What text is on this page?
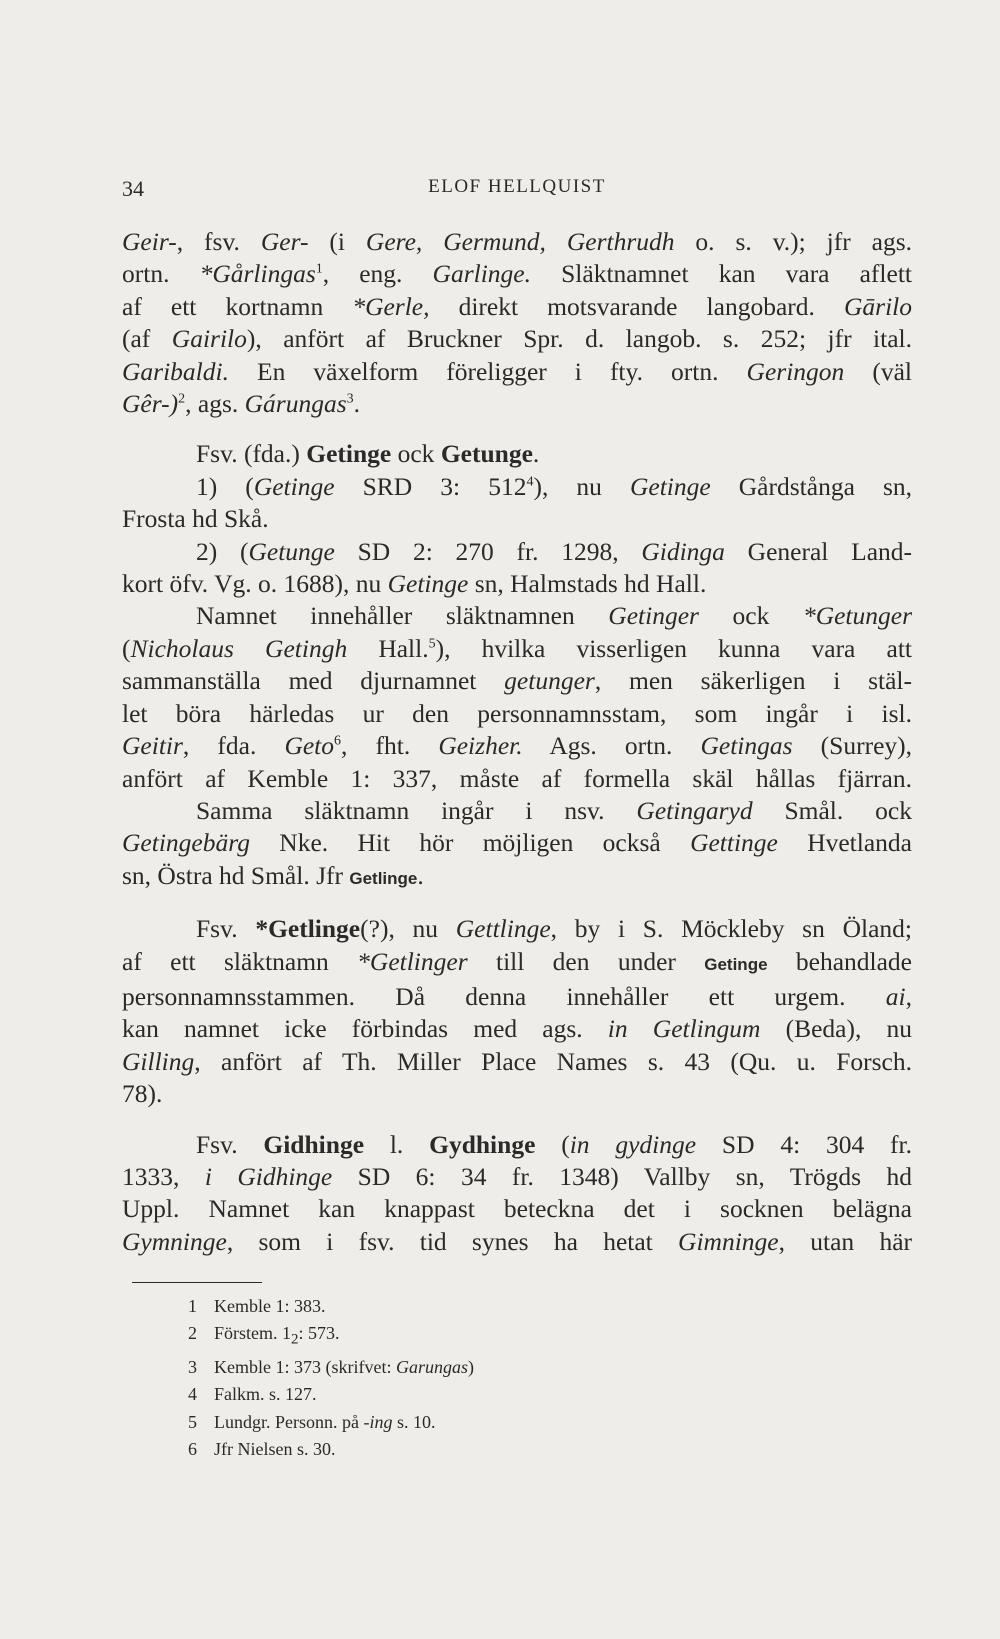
34	ELOF HELLQUIST
Geir-, fsv. Ger- (i Gere, Germund, Gerthrudh o. s. v.); jfr ags.
ortn. *Gårlingas$^1$, eng. Garlinge. Släktnamnet kan vara aflett
af ett kortnamn *Gerle, direkt motsvarande langobard. Gārilo
(af Gairilo), anfört af Bruckner Spr. d. langob. s. 252; jfr ital.
Garibaldi. En växelform föreligger i fty. ortn. Geringon (väl
Gêr-)$^2$, ags. Gárungas$^3$.
Fsv. (fda.) Getinge ock Getunge.
1) (Getinge SRD 3: $512^4$), nu Getinge Gårdstånga sn,
Frosta hd Skå.
2) (Getunge SD 2: 270 fr. 1298, Gidinga General Land-
kort öfv. Vg. o. 1688), nu Getinge sn, Halmstads hd Hall.
Namnet innehåller släktnamnen Getinger ock *Getunger
(Nicholaus Getingh Hall.$^5$), hvilka visserligen kunna vara att
sammanställa med djurnamnet getunger, men säkerligen i stäl-
let böra härledas ur den personnamnsstam, som ingår i isl.
Geitir, fda. Geto$^6$, fht. Geizher. Ags. ortn. Getingas (Surrey),
anfört af Kemble 1: 337, måste af formella skäl hållas fjärran.
Samma släktnamn ingår i nsv. Getingaryd Smål. ock
Getingebärg Nke. Hit hör möjligen också Gettinge Hvetlanda
sn, Östra hd Smål. Jfr Getlinge.
Fsv. *Getlinge(?), nu Gettlinge, by i S. Möckleby sn Öland;
af ett släktnamn *Getlinger till den under Getinge behandlade
personnamnsstammen. Då denna innehåller ett urgem. ai,
kan namnet icke förbindas med ags. in Getlingum (Beda), nu
Gilling, anfört af Th. Miller Place Names s. 43 (Qu. u. Forsch.
78).
Fsv. Gidhinge l. Gydhinge (in gydinge SD 4: 304 fr.
1333, i Gidhinge SD 6: 34 fr. 1348) Vallby sn, Trögds hd
Uppl. Namnet kan knappast beteckna det i socknen belägna
Gymninge, som i fsv. tid synes ha hetat Gimninge, utan här
1 Kemble 1: 383.
2 Förstem. $1_2$: 573.
3 Kemble 1: 373 (skrifvet: Garungas)
4 Falkm. s. 127.
5 Lundgr. Personn. på -ing s. 10.
6 Jfr Nielsen s. 30.
